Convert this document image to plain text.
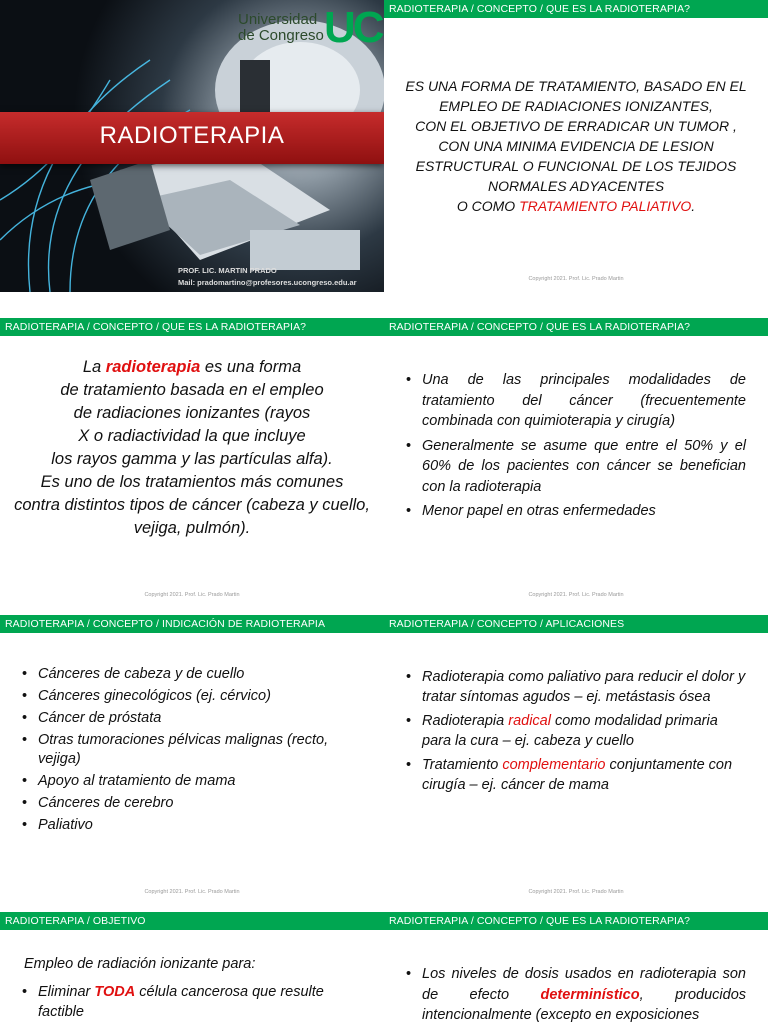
Universidad
de Congreso UC
RADIOTERAPIA
PROF. LIC. MARTIN PRADO
Mail: pradomartino@profesores.ucongreso.edu.ar
RADIOTERAPIA / CONCEPTO / QUE ES LA RADIOTERAPIA?
ES UNA FORMA DE TRATAMIENTO, BASADO EN EL
EMPLEO DE RADIACIONES IONIZANTES,
CON EL OBJETIVO DE ERRADICAR UN TUMOR ,
CON UNA MINIMA EVIDENCIA DE LESION
ESTRUCTURAL O FUNCIONAL DE LOS TEJIDOS
NORMALES ADYACENTES
O COMO TRATAMIENTO PALIATIVO.
Copyright 2021. Prof. Lic. Prado Martin
RADIOTERAPIA / CONCEPTO / QUE ES LA RADIOTERAPIA?
La radioterapia es una forma
de tratamiento basada en el empleo
de radiaciones ionizantes (rayos
X o radiactividad la que incluye
los rayos gamma y las partículas alfa).
Es uno de los tratamientos más comunes
contra distintos tipos de cáncer (cabeza y cuello,
vejiga, pulmón).
Copyright 2021. Prof. Lic. Prado Martin
RADIOTERAPIA / CONCEPTO / QUE ES LA RADIOTERAPIA?
• Una de las principales modalidades de tratamiento del cáncer (frecuentemente combinada con quimioterapia y cirugía)
• Generalmente se asume que entre el 50% y el 60% de los pacientes con cáncer se benefician con la radioterapia
• Menor papel en otras enfermedades
Copyright 2021. Prof. Lic. Prado Martin
RADIOTERAPIA / CONCEPTO / INDICACIÓN DE RADIOTERAPIA
• Cánceres de cabeza y de cuello
• Cánceres ginecológicos (ej. cérvico)
• Cáncer de próstata
• Otras tumoraciones pélvicas malignas (recto, vejiga)
• Apoyo al tratamiento de mama
• Cánceres de cerebro
• Paliativo
Copyright 2021. Prof. Lic. Prado Martin
RADIOTERAPIA / CONCEPTO / APLICACIONES
• Radioterapia como paliativo para reducir el dolor y tratar síntomas agudos – ej. metástasis ósea
• Radioterapia radical como modalidad primaria para la cura – ej. cabeza y cuello
• Tratamiento complementario conjuntamente con cirugía – ej. cáncer de mama
Copyright 2021. Prof. Lic. Prado Martin
RADIOTERAPIA / OBJETIVO
Empleo de radiación ionizante para:
• Eliminar TODA célula cancerosa que resulte factible
RADIOTERAPIA / CONCEPTO / QUE ES LA RADIOTERAPIA?
• Los niveles de dosis usados en radioterapia son de efecto determinístico, producidos intencionalmente (excepto en exposiciones
